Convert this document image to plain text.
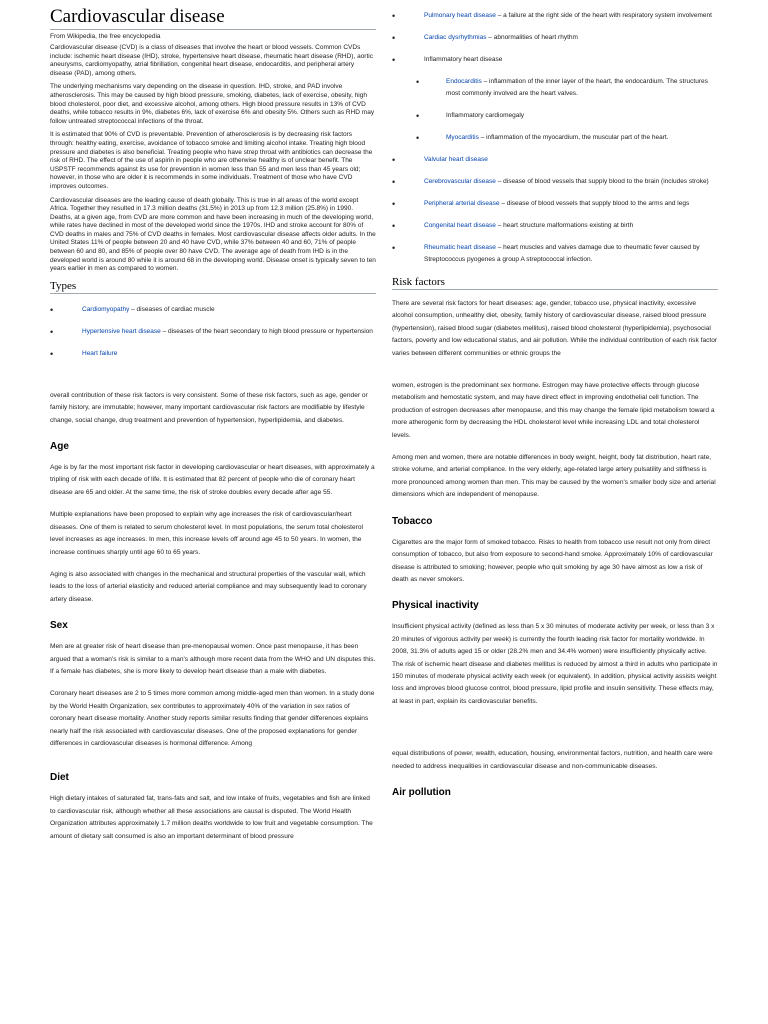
Cardiovascular disease
From Wikipedia, the free encyclopedia

Cardiovascular disease (CVD) is a class of diseases that involve the heart or blood vessels. Common CVDs include: ischemic heart disease (IHD), stroke, hypertensive heart disease, rheumatic heart disease (RHD), aortic aneurysms, cardiomyopathy, atrial fibrillation, congenital heart disease, endocarditis, and peripheral artery disease (PAD), among others.

The underlying mechanisms vary depending on the disease in question. IHD, stroke, and PAD involve atherosclerosis. This may be caused by high blood pressure, smoking, diabetes, lack of exercise, obesity, high blood cholesterol, poor diet, and excessive alcohol, among others. High blood pressure results in 13% of CVD deaths, while tobacco results in 9%, diabetes 6%, lack of exercise 6% and obesity 5%. Others such as RHD may follow untreated streptococcal infections of the throat.

It is estimated that 90% of CVD is preventable. Prevention of atherosclerosis is by decreasing risk factors through: healthy eating, exercise, avoidance of tobacco smoke and limiting alcohol intake. Treating high blood pressure and diabetes is also beneficial. Treating people who have strep throat with antibiotics can decrease the risk of RHD. The effect of the use of aspirin in people who are otherwise healthy is of unclear benefit. The USPSTF recommends against its use for prevention in women less than 55 and men less than 45 years old; however, in those who are older it is recommends in some individuals. Treatment of those who have CVD improves outcomes.

Cardiovascular diseases are the leading cause of death globally. This is true in all areas of the world except Africa. Together they resulted in 17.3 million deaths (31.5%) in 2013 up from 12.3 million (25.8%) in 1990. Deaths, at a given age, from CVD are more common and have been increasing in much of the developing world, while rates have declined in most of the developed world since the 1970s. IHD and stroke account for 80% of CVD deaths in males and 75% of CVD deaths in females. Most cardiovascular disease affects older adults. In the United States 11% of people between 20 and 40 have CVD, while 37% between 40 and 60, 71% of people between 60 and 80, and 85% of people over 80 have CVD. The average age of death from IHD is in the developed world is around 80 while it is around 68 in the developing world. Disease onset is typically seven to ten years earlier in men as compared to women.

Types
• Cardiomyopathy – diseases of cardiac muscle
• Hypertensive heart disease – diseases of the heart secondary to high blood pressure or hypertension
• Heart failure

overall contribution of these risk factors is very consistent. Some of these risk factors, such as age, gender or family history, are immutable; however, many important cardiovascular risk factors are modifiable by lifestyle change, social change, drug treatment and prevention of hypertension, hyperlipidemia, and diabetes.

Age

Age is by far the most important risk factor in developing cardiovascular or heart diseases, with approximately a tripling of risk with each decade of life. It is estimated that 82 percent of people who die of coronary heart disease are 65 and older. At the same time, the risk of stroke doubles every decade after age 55.

Multiple explanations have been proposed to explain why age increases the risk of cardiovascular/heart diseases. One of them is related to serum cholesterol level. In most populations, the serum total cholesterol level increases as age increases. In men, this increase levels off around age 45 to 50 years. In women, the increase continues sharply until age 60 to 65 years.

Aging is also associated with changes in the mechanical and structural properties of the vascular wall, which leads to the loss of arterial elasticity and reduced arterial compliance and may subsequently lead to coronary artery disease.

Sex

Men are at greater risk of heart disease than pre-menopausal women. Once past menopause, it has been argued that a woman's risk is similar to a man's although more recent data from the WHO and UN disputes this. If a female has diabetes, she is more likely to develop heart disease than a male with diabetes.

Coronary heart diseases are 2 to 5 times more common among middle-aged men than women. In a study done by the World Health Organization, sex contributes to approximately 40% of the variation in sex ratios of coronary heart disease mortality. Another study reports similar results finding that gender differences explains nearly half the risk associated with cardiovascular diseases. One of the proposed explanations for gender differences in cardiovascular diseases is hormonal difference. Among

Diet

High dietary intakes of saturated fat, trans-fats and salt, and low intake of fruits, vegetables and fish are linked to cardiovascular risk, although whether all these associations are causal is disputed. The World Health Organization attributes approximately 1.7 million deaths worldwide to low fruit and vegetable consumption. The amount of dietary salt consumed is also an important determinant of blood pressure

• Pulmonary heart disease – a failure at the right side of the heart with respiratory system involvement
• Cardiac dysrhythmias – abnormalities of heart rhythm
• Inflammatory heart disease
• Endocarditis – inflammation of the inner layer of the heart, the endocardium. The structures most commonly involved are the heart valves.
• Inflammatory cardiomegaly
• Myocarditis – inflammation of the myocardium, the muscular part of the heart.
• Valvular heart disease
• Cerebrovascular disease – disease of blood vessels that supply blood to the brain (includes stroke)
• Peripheral arterial disease – disease of blood vessels that supply blood to the arms and legs
• Congenital heart disease – heart structure malformations existing at birth
• Rheumatic heart disease – heart muscles and valves damage due to rheumatic fever caused by Streptococcus pyogenes a group A streptococcal infection.
Risk factors

There are several risk factors for heart diseases: age, gender, tobacco use, physical inactivity, excessive alcohol consumption, unhealthy diet, obesity, family history of cardiovascular disease, raised blood pressure (hypertension), raised blood sugar (diabetes mellitus), raised blood cholesterol (hyperlipidemia), psychosocial factors, poverty and low educational status, and air pollution. While the individual contribution of each risk factor varies between different communities or ethnic groups the

women, estrogen is the predominant sex hormone. Estrogen may have protective effects through glucose metabolism and hemostatic system, and may have direct effect in improving endothelial cell function. The production of estrogen decreases after menopause, and this may change the female lipid metabolism toward a more atherogenic form by decreasing the HDL cholesterol level while increasing LDL and total cholesterol levels.

Among men and women, there are notable differences in body weight, height, body fat distribution, heart rate, stroke volume, and arterial compliance. In the very elderly, age-related large artery pulsatility and stiffness is more pronounced among women than men. This may be caused by the women's smaller body size and arterial dimensions which are independent of menopause.

Tobacco

Cigarettes are the major form of smoked tobacco. Risks to health from tobacco use result not only from direct consumption of tobacco, but also from exposure to second-hand smoke. Approximately 10% of cardiovascular disease is attributed to smoking; however, people who quit smoking by age 30 have almost as low a risk of death as never smokers.

Physical inactivity

Insufficient physical activity (defined as less than 5 x 30 minutes of moderate activity per week, or less than 3 x 20 minutes of vigorous activity per week) is currently the fourth leading risk factor for mortality worldwide. In 2008, 31.3% of adults aged 15 or older (28.2% men and 34.4% women) were insufficiently physically active. The risk of ischemic heart disease and diabetes mellitus is reduced by almost a third in adults who participate in 150 minutes of moderate physical activity each week (or equivalent). In addition, physical activity assists weight loss and improves blood glucose control, blood pressure, lipid profile and insulin sensitivity. These effects may, at least in part, explain its cardiovascular benefits.

equal distributions of power, wealth, education, housing, environmental factors, nutrition, and health care were needed to address inequalities in cardiovascular disease and non-communicable diseases.

Air pollution
